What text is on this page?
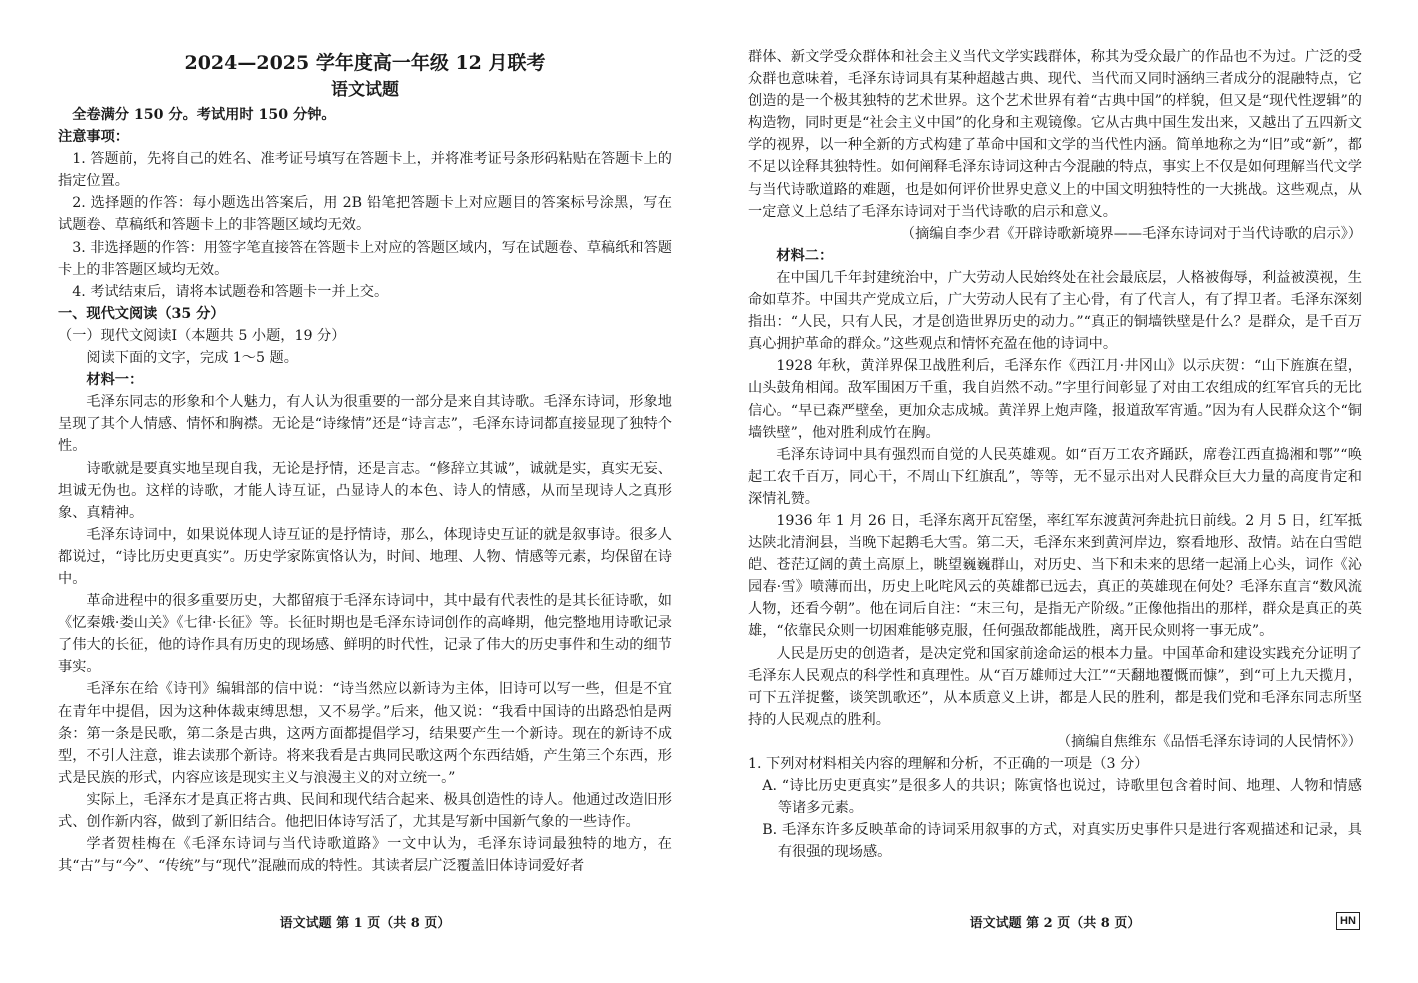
2024—2025 学年度高一年级 12 月联考
语文试题

全卷满分 150 分。考试用时 150 分钟。

注意事项：

1. 答题前，先将自己的姓名、准考证号填写在答题卡上，并将准考证号条形码粘贴在答题卡上的指定位置。

2. 选择题的作答：每小题选出答案后，用 2B 铅笔把答题卡上对应题目的答案标号涂黑，写在试题卷、草稿纸和答题卡上的非答题区域均无效。

3. 非选择题的作答：用签字笔直接答在答题卡上对应的答题区域内，写在试题卷、草稿纸和答题卡上的非答题区域均无效。

4. 考试结束后，请将本试题卷和答题卡一并上交。

一、现代文阅读（35 分）

（一）现代文阅读Ⅰ（本题共 5 小题，19 分）

阅读下面的文字，完成 1～5 题。

材料一：

毛泽东同志的形象和个人魅力，有人认为很重要的一部分是来自其诗歌。毛泽东诗词，形象地呈现了其个人情感、情怀和胸襟。无论是“诗缘情”还是“诗言志”，毛泽东诗词都直接显现了独特个性。

诗歌就是要真实地呈现自我，无论是抒情，还是言志。“修辞立其诚”，诚就是实，真实无妄、坦诚无伪也。这样的诗歌，才能人诗互证，凸显诗人的本色、诗人的情感，从而呈现诗人之真形象、真精神。

毛泽东诗词中，如果说体现人诗互证的是抒情诗，那么，体现诗史互证的就是叙事诗。很多人都说过，“诗比历史更真实”。历史学家陈寅恪认为，时间、地理、人物、情感等元素，均保留在诗中。

革命进程中的很多重要历史，大都留痕于毛泽东诗词中，其中最有代表性的是其长征诗歌，如《忆秦娥·娄山关》《七律·长征》等。长征时期也是毛泽东诗词创作的高峰期，他完整地用诗歌记录了伟大的长征，他的诗作具有历史的现场感、鲜明的时代性，记录了伟大的历史事件和生动的细节事实。

毛泽东在给《诗刊》编辑部的信中说：“诗当然应以新诗为主体，旧诗可以写一些，但是不宜在青年中提倡，因为这种体裁束缚思想，又不易学。”后来，他又说：“我看中国诗的出路恐怕是两条：第一条是民歌，第二条是古典，这两方面都提倡学习，结果要产生一个新诗。现在的新诗不成型，不引人注意，谁去读那个新诗。将来我看是古典同民歌这两个东西结婚，产生第三个东西，形式是民族的形式，内容应该是现实主义与浪漫主义的对立统一。”

实际上，毛泽东才是真正将古典、民间和现代结合起来、极具创造性的诗人。他通过改造旧形式、创作新内容，做到了新旧结合。他把旧体诗写活了，尤其是写新中国新气象的一些诗作。

学者贺桂梅在《毛泽东诗词与当代诗歌道路》一文中认为，毛泽东诗词最独特的地方，在其“古”与“今”、“传统”与“现代”混融而成的特性。其读者层广泛覆盖旧体诗词爱好者

语文试题 第 1 页（共 8 页）

群体、新文学受众群体和社会主义当代文学实践群体，称其为受众最广的作品也不为过。广泛的受众群也意味着，毛泽东诗词具有某种超越古典、现代、当代而又同时涵纳三者成分的混融特点，它创造的是一个极其独特的艺术世界。这个艺术世界有着“古典中国”的样貌，但又是“现代性逻辑”的构造物，同时更是“社会主义中国”的化身和主观镜像。它从古典中国生发出来，又越出了五四新文学的视界，以一种全新的方式构建了革命中国和文学的当代性内涵。简单地称之为“旧”或“新”，都不足以诠释其独特性。如何阐释毛泽东诗词这种古今混融的特点，事实上不仅是如何理解当代文学与当代诗歌道路的难题，也是如何评价世界史意义上的中国文明独特性的一大挑战。这些观点，从一定意义上总结了毛泽东诗词对于当代诗歌的启示和意义。

（摘编自李少君《开辟诗歌新境界——毛泽东诗词对于当代诗歌的启示》）

材料二：

在中国几千年封建统治中，广大劳动人民始终处在社会最底层，人格被侮辱，利益被漠视，生命如草芥。中国共产党成立后，广大劳动人民有了主心骨，有了代言人，有了捍卫者。毛泽东深刻指出：“人民，只有人民，才是创造世界历史的动力。”“真正的铜墙铁壁是什么？是群众，是千百万真心拥护革命的群众。”这些观点和情怀充盈在他的诗词中。

1928 年秋，黄洋界保卫战胜利后，毛泽东作《西江月·井冈山》以示庆贺：“山下旌旗在望，山头鼓角相闻。敌军围困万千重，我自岿然不动。”字里行间彰显了对由工农组成的红军官兵的无比信心。“早已森严壁垒，更加众志成城。黄洋界上炮声隆，报道敌军宵遁。”因为有人民群众这个“铜墙铁壁”，他对胜利成竹在胸。

毛泽东诗词中具有强烈而自觉的人民英雄观。如“百万工农齐踊跃，席卷江西直捣湘和鄂”“唤起工农千百万，同心干，不周山下红旗乱”，等等，无不显示出对人民群众巨大力量的高度肯定和深情礼赞。

1936 年 1 月 26 日，毛泽东离开瓦窑堡，率红军东渡黄河奔赴抗日前线。2 月 5 日，红军抵达陕北清涧县，当晚下起鹅毛大雪。第二天，毛泽东来到黄河岸边，察看地形、敌情。站在白雪皑皑、苍茫辽阔的黄土高原上，眺望巍巍群山，对历史、当下和未来的思绪一起涌上心头，词作《沁园春·雪》喷薄而出，历史上叱咤风云的英雄都已远去，真正的英雄现在何处？毛泽东直言“数风流人物，还看今朝”。他在词后自注：“末三句，是指无产阶级。”正像他指出的那样，群众是真正的英雄，“依靠民众则一切困难能够克服，任何强敌都能战胜，离开民众则将一事无成”。

人民是历史的创造者，是决定党和国家前途命运的根本力量。中国革命和建设实践充分证明了毛泽东人民观点的科学性和真理性。从“百万雄师过大江”“天翻地覆慨而慷”，到“可上九天揽月，可下五洋捉鳖，谈笑凯歌还”，从本质意义上讲，都是人民的胜利，都是我们党和毛泽东同志所坚持的人民观点的胜利。

（摘编自焦维东《品悟毛泽东诗词的人民情怀》）

1. 下列对材料相关内容的理解和分析，不正确的一项是（3 分）

A. “诗比历史更真实”是很多人的共识；陈寅恪也说过，诗歌里包含着时间、地理、人物和情感等诸多元素。

B. 毛泽东许多反映革命的诗词采用叙事的方式，对真实历史事件只是进行客观描述和记录，具有很强的现场感。

语文试题 第 2 页（共 8 页）	HN
